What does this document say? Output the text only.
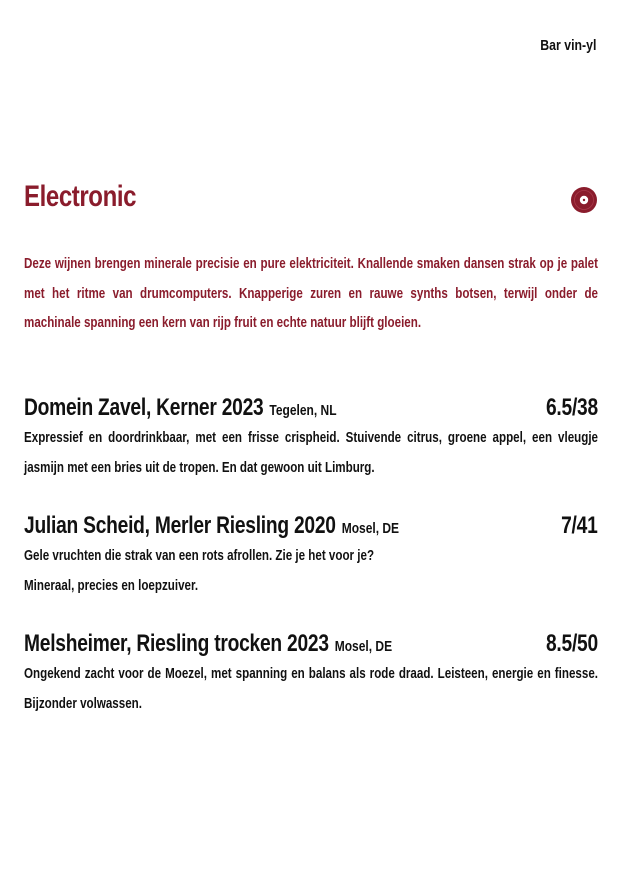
Bar vin-yl
Electronic
Deze wijnen brengen minerale precisie en pure elektriciteit. Knallende smaken dansen strak op je palet met het ritme van drumcomputers. Knapperige zuren en rauwe synths botsen, terwijl onder de machinale spanning een kern van rijp fruit en echte natuur blijft gloeien.
Domein Zavel, Kerner 2023 Tegelen, NL	6.5/38
Expressief en doordrinkbaar, met een frisse crispheid. Stuivende citrus, groene appel, een vleugje jasmijn met een bries uit de tropen. En dat gewoon uit Limburg.
Julian Scheid, Merler Riesling 2020 Mosel, DE	7/41
Gele vruchten die strak van een rots afrollen. Zie je het voor je?
Mineraal, precies en loepzuiver.
Melsheimer, Riesling trocken 2023 Mosel, DE	8.5/50
Ongekend zacht voor de Moezel, met spanning en balans als rode draad. Leisteen, energie en finesse. Bijzonder volwassen.
